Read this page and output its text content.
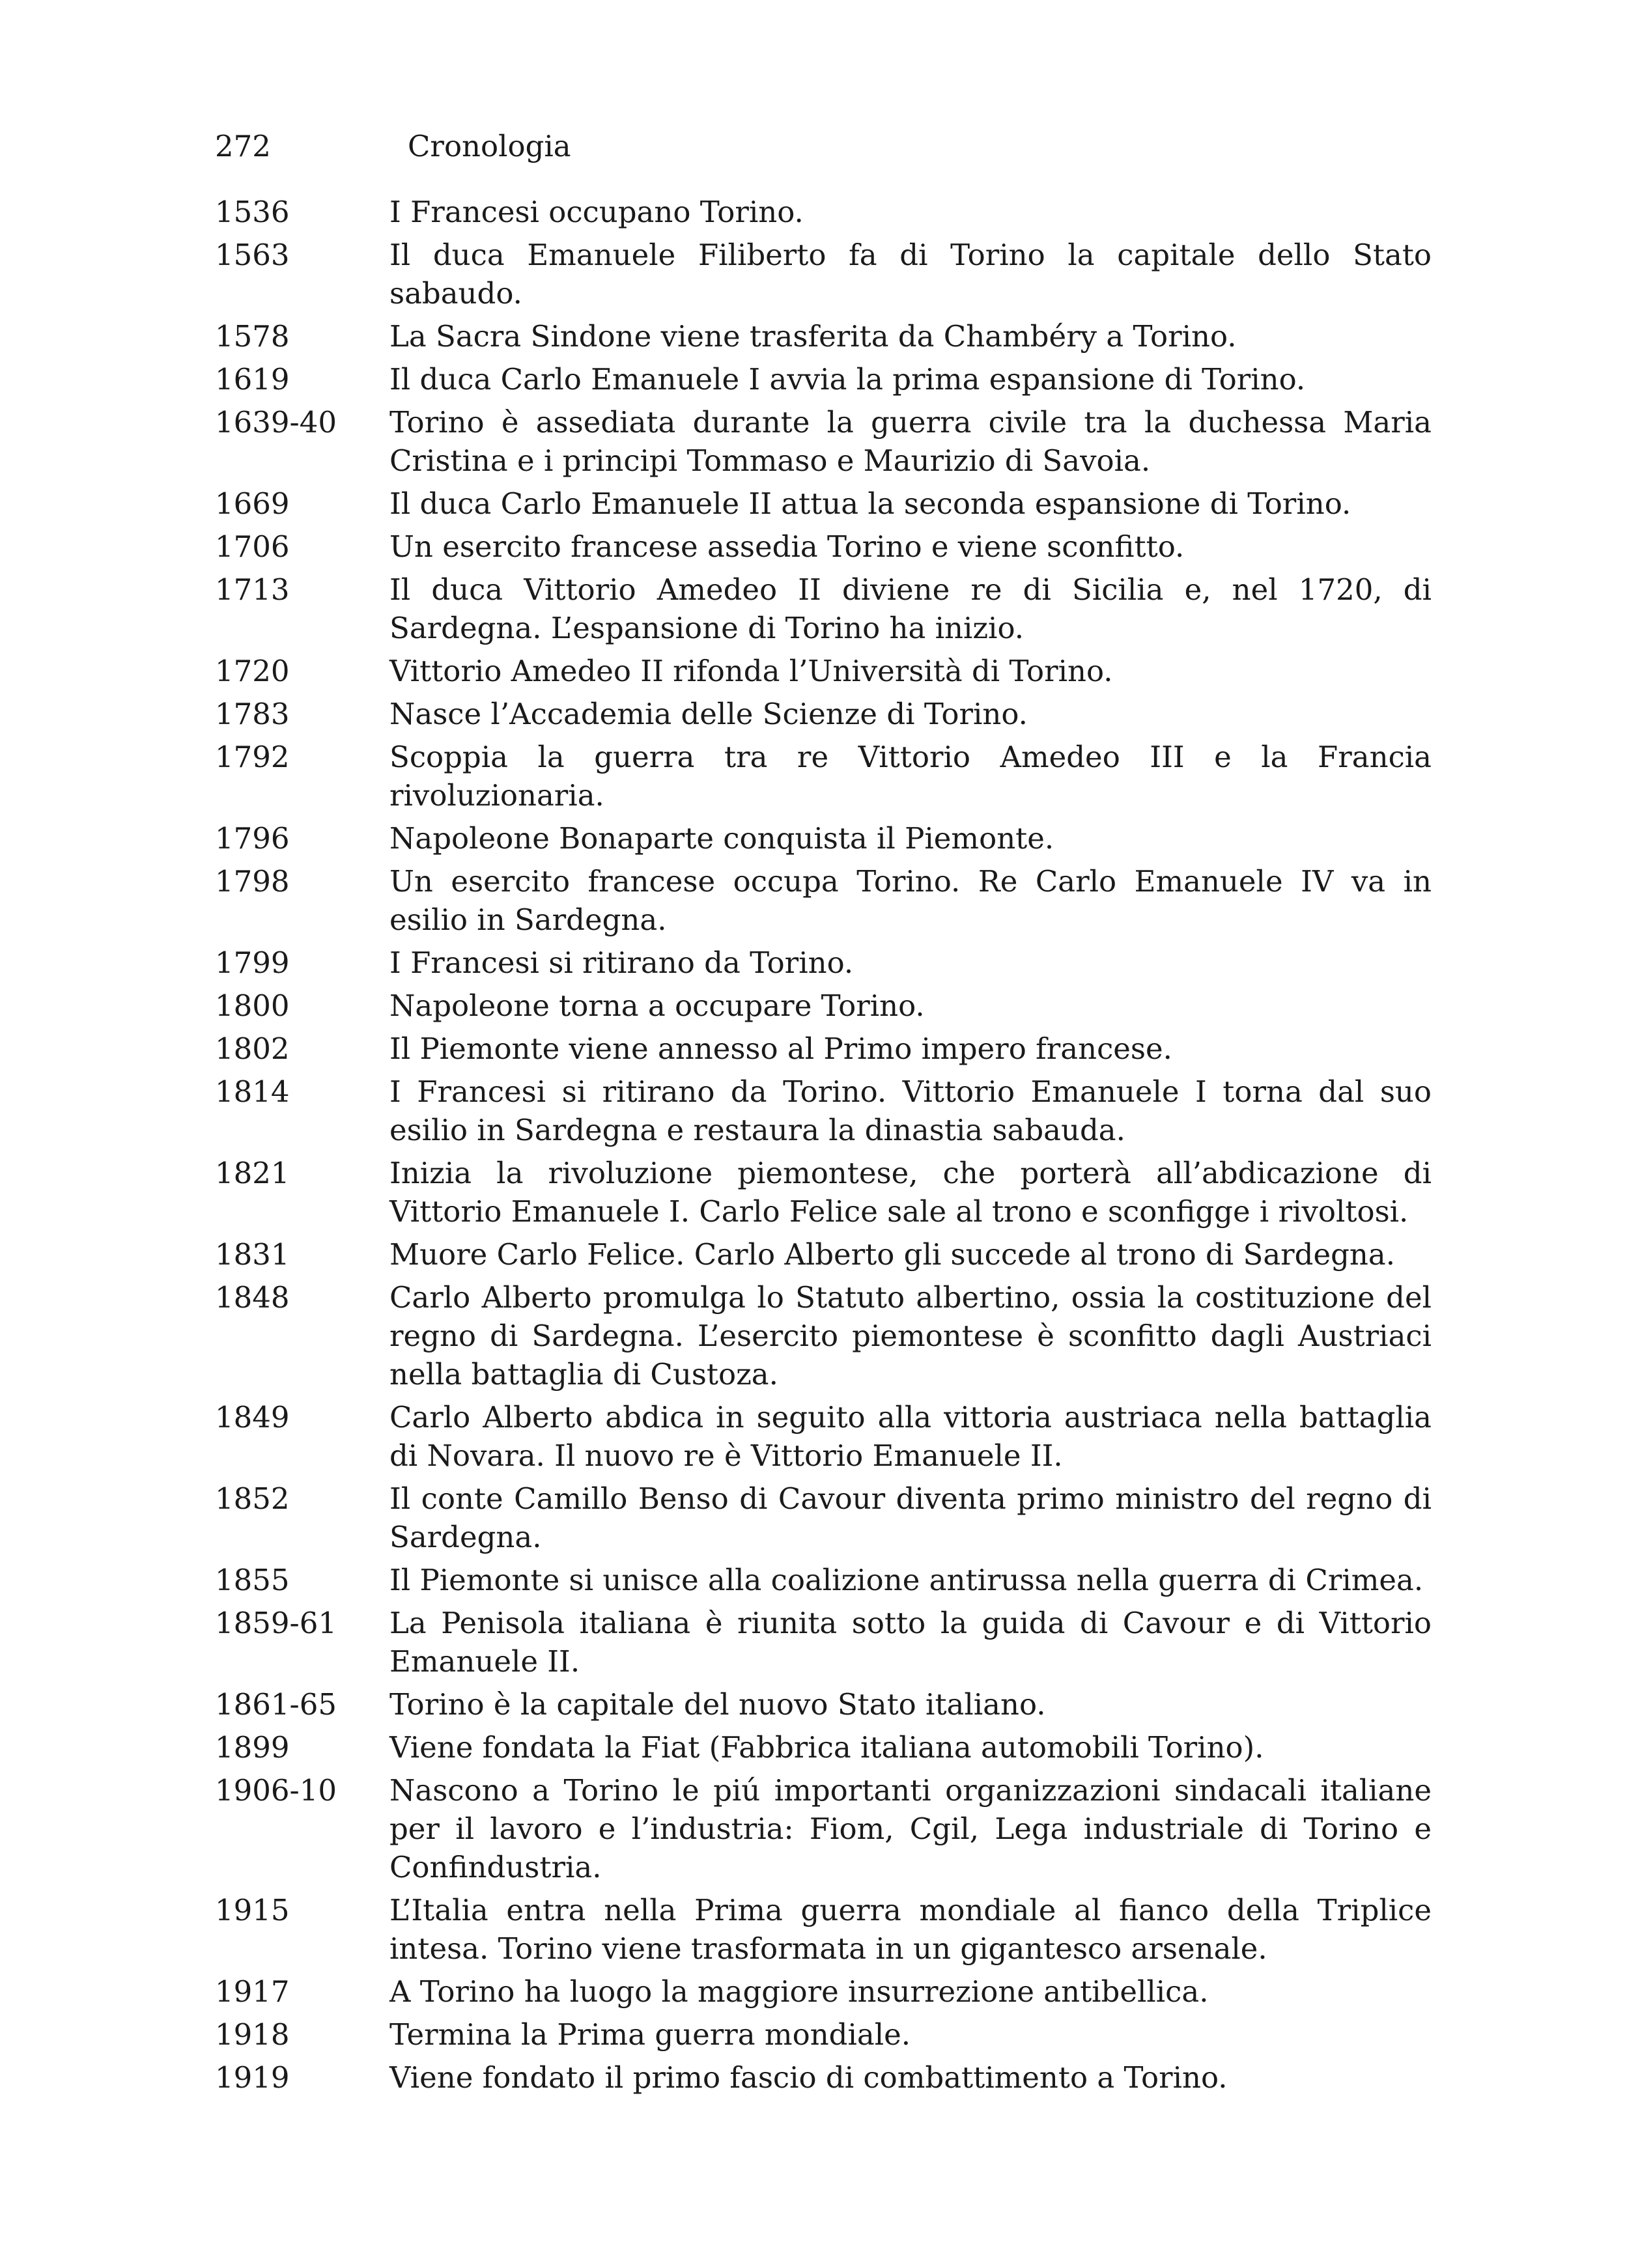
272	Cronologia
1536	I Francesi occupano Torino.
1563	Il duca Emanuele Filiberto fa di Torino la capitale dello Stato sabaudo.
1578	La Sacra Sindone viene trasferita da Chambéry a Torino.
1619	Il duca Carlo Emanuele I avvia la prima espansione di Torino.
1639-40	Torino è assediata durante la guerra civile tra la duchessa Maria Cristina e i principi Tommaso e Maurizio di Savoia.
1669	Il duca Carlo Emanuele II attua la seconda espansione di Torino.
1706	Un esercito francese assedia Torino e viene sconfitto.
1713	Il duca Vittorio Amedeo II diviene re di Sicilia e, nel 1720, di Sardegna. L’espansione di Torino ha inizio.
1720	Vittorio Amedeo II rifonda l’Università di Torino.
1783	Nasce l’Accademia delle Scienze di Torino.
1792	Scoppia la guerra tra re Vittorio Amedeo III e la Francia rivoluzionaria.
1796	Napoleone Bonaparte conquista il Piemonte.
1798	Un esercito francese occupa Torino. Re Carlo Emanuele IV va in esilio in Sardegna.
1799	I Francesi si ritirano da Torino.
1800	Napoleone torna a occupare Torino.
1802	Il Piemonte viene annesso al Primo impero francese.
1814	I Francesi si ritirano da Torino. Vittorio Emanuele I torna dal suo esilio in Sardegna e restaura la dinastia sabauda.
1821	Inizia la rivoluzione piemontese, che porterà all’abdicazione di Vittorio Emanuele I. Carlo Felice sale al trono e sconfigge i rivoltosi.
1831	Muore Carlo Felice. Carlo Alberto gli succede al trono di Sardegna.
1848	Carlo Alberto promulga lo Statuto albertino, ossia la costituzione del regno di Sardegna. L’esercito piemontese è sconfitto dagli Austriaci nella battaglia di Custoza.
1849	Carlo Alberto abdica in seguito alla vittoria austriaca nella battaglia di Novara. Il nuovo re è Vittorio Emanuele II.
1852	Il conte Camillo Benso di Cavour diventa primo ministro del regno di Sardegna.
1855	Il Piemonte si unisce alla coalizione antirussa nella guerra di Crimea.
1859-61	La Penisola italiana è riunita sotto la guida di Cavour e di Vittorio Emanuele II.
1861-65	Torino è la capitale del nuovo Stato italiano.
1899	Viene fondata la Fiat (Fabbrica italiana automobili Torino).
1906-10	Nascono a Torino le piú importanti organizzazioni sindacali italiane per il lavoro e l’industria: Fiom, Cgil, Lega industriale di Torino e Confindustria.
1915	L’Italia entra nella Prima guerra mondiale al fianco della Triplice intesa. Torino viene trasformata in un gigantesco arsenale.
1917	A Torino ha luogo la maggiore insurrezione antibellica.
1918	Termina la Prima guerra mondiale.
1919	Viene fondato il primo fascio di combattimento a Torino.
